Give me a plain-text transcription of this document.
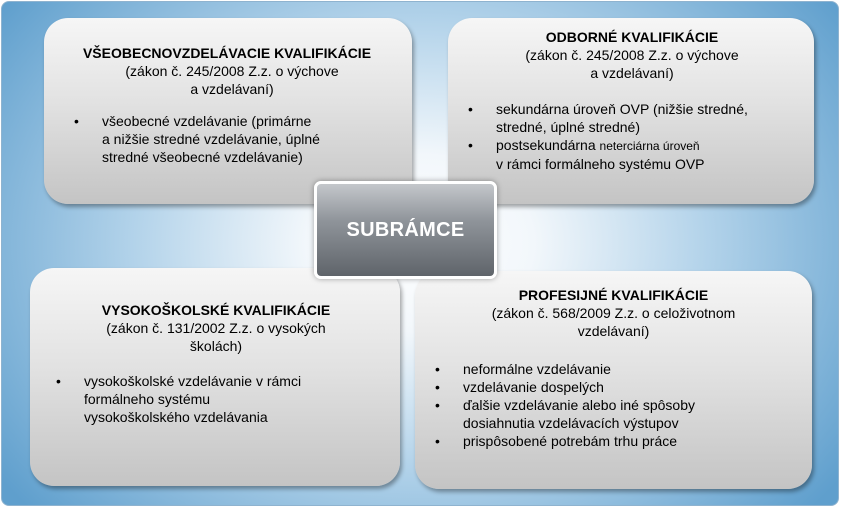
VŠEOBECNOVZDELÁVACIE KVALIFIKÁCIE
(zákon č. 245/2008 Z.z. o výchove
a vzdelávaní)
• všeobecné vzdelávanie (primárne
a nižšie stredné vzdelávanie, úplné
stredné všeobecné vzdelávanie)
ODBORNÉ KVALIFIKÁCIE
(zákon č. 245/2008 Z.z. o výchove
a vzdelávaní)
• sekundárna úroveň OVP (nižšie stredné,
stredné, úplné stredné)
• postsekundárna neterciárna úroveň
v rámci formálneho systému OVP
VYSOKOŠKOLSKÉ KVALIFIKÁCIE
(zákon č. 131/2002 Z.z. o vysokých
školách)
• vysokoškolské vzdelávanie v rámci
formálneho systému
vysokoškolského vzdelávania
PROFESIJNÉ KVALIFIKÁCIE
(zákon č. 568/2009 Z.z. o celoživotnom
vzdelávaní)
• neformálne vzdelávanie
• vzdelávanie dospelých
• ďalšie vzdelávanie alebo iné spôsoby
dosiahnutia vzdelávacích výstupov
• prispôsobené potrebám trhu práce
SUBRÁMCE
